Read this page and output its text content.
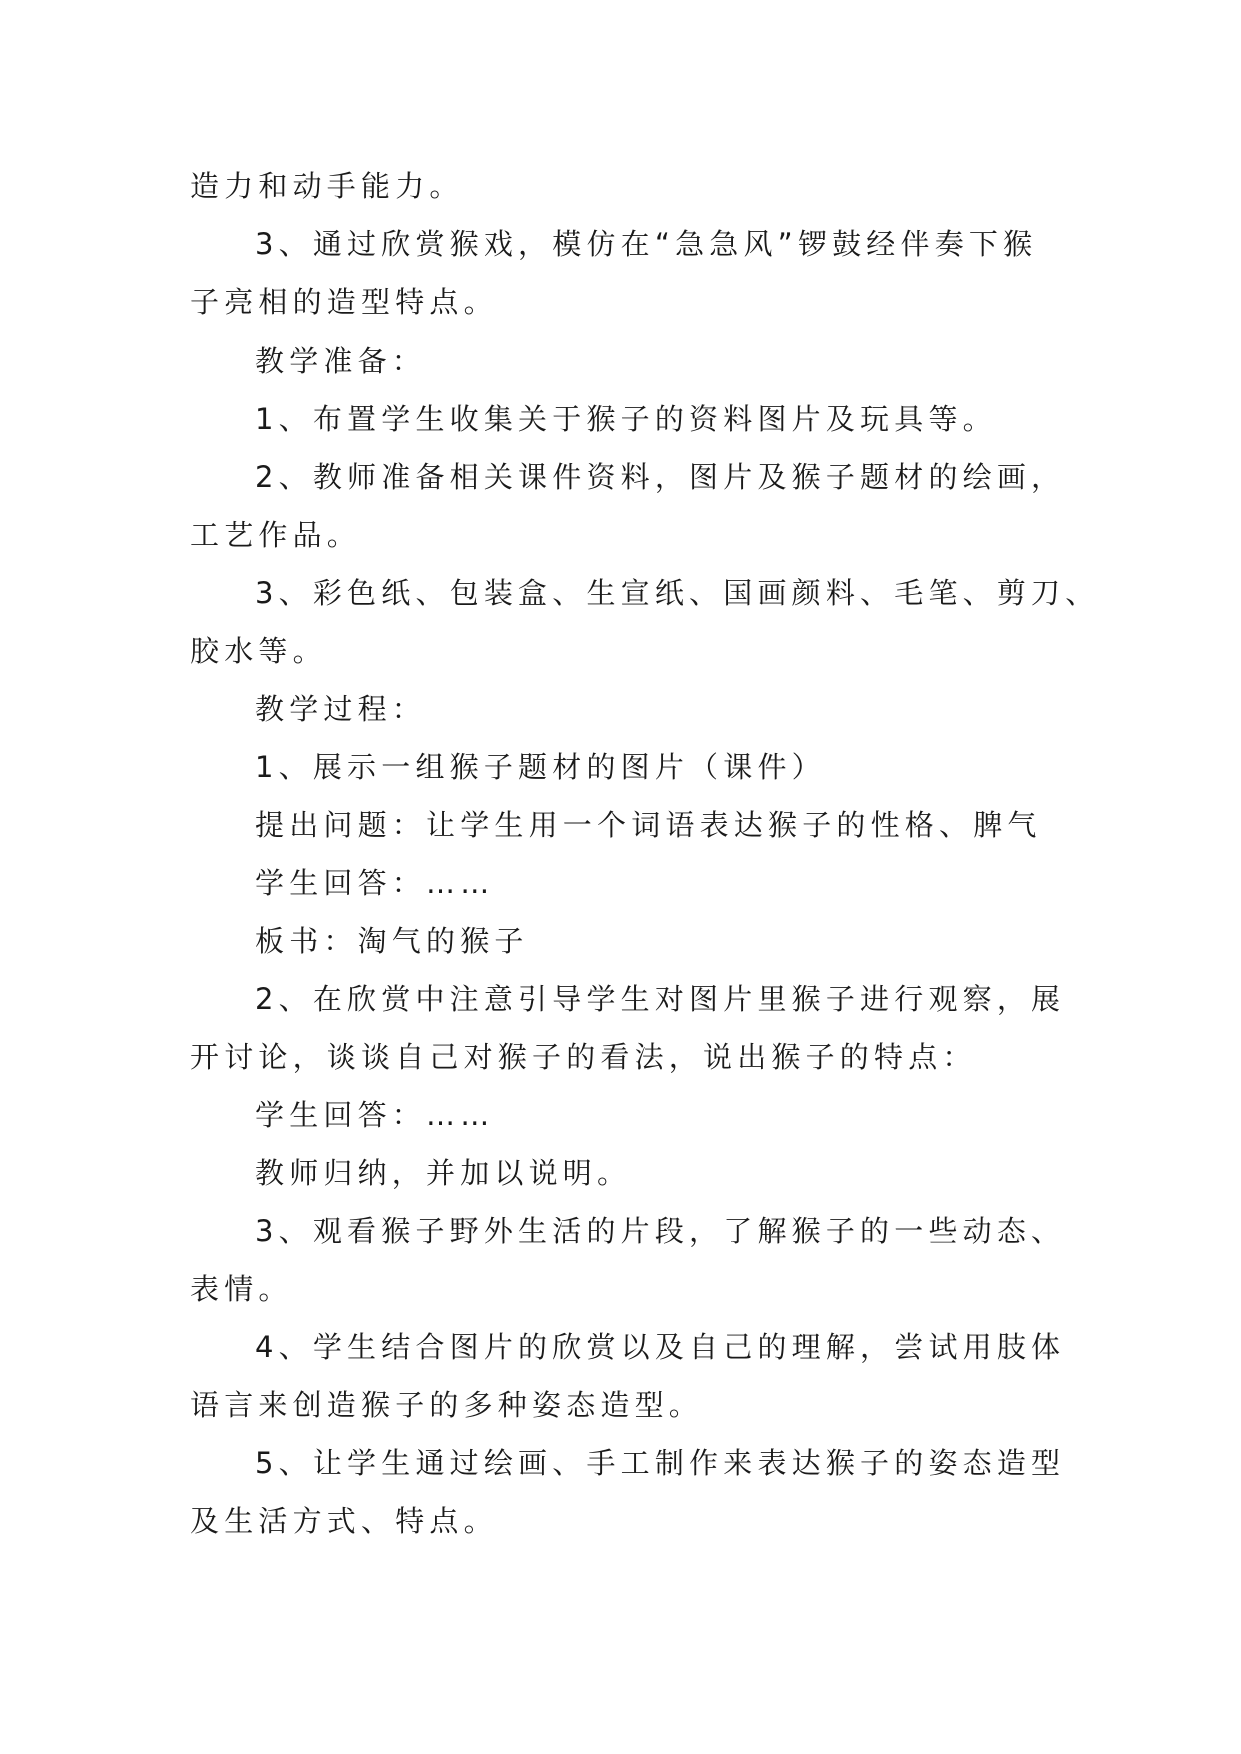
造力和动手能力。
3、通过欣赏猴戏，模仿在“急急风”锣鼓经伴奏下猴
子亮相的造型特点。
教学准备：
1、布置学生收集关于猴子的资料图片及玩具等。
2、教师准备相关课件资料，图片及猴子题材的绘画，
工艺作品。
3、彩色纸、包装盒、生宣纸、国画颜料、毛笔、剪刀、
胶水等。
教学过程：
1、展示一组猴子题材的图片（课件）
提出问题：让学生用一个词语表达猴子的性格、脾气
学生回答：……
板书：淘气的猴子
2、在欣赏中注意引导学生对图片里猴子进行观察，展
开讨论，谈谈自己对猴子的看法，说出猴子的特点：
学生回答：……
教师归纳，并加以说明。
3、观看猴子野外生活的片段，了解猴子的一些动态、
表情。
4、学生结合图片的欣赏以及自己的理解，尝试用肢体
语言来创造猴子的多种姿态造型。
5、让学生通过绘画、手工制作来表达猴子的姿态造型
及生活方式、特点。
